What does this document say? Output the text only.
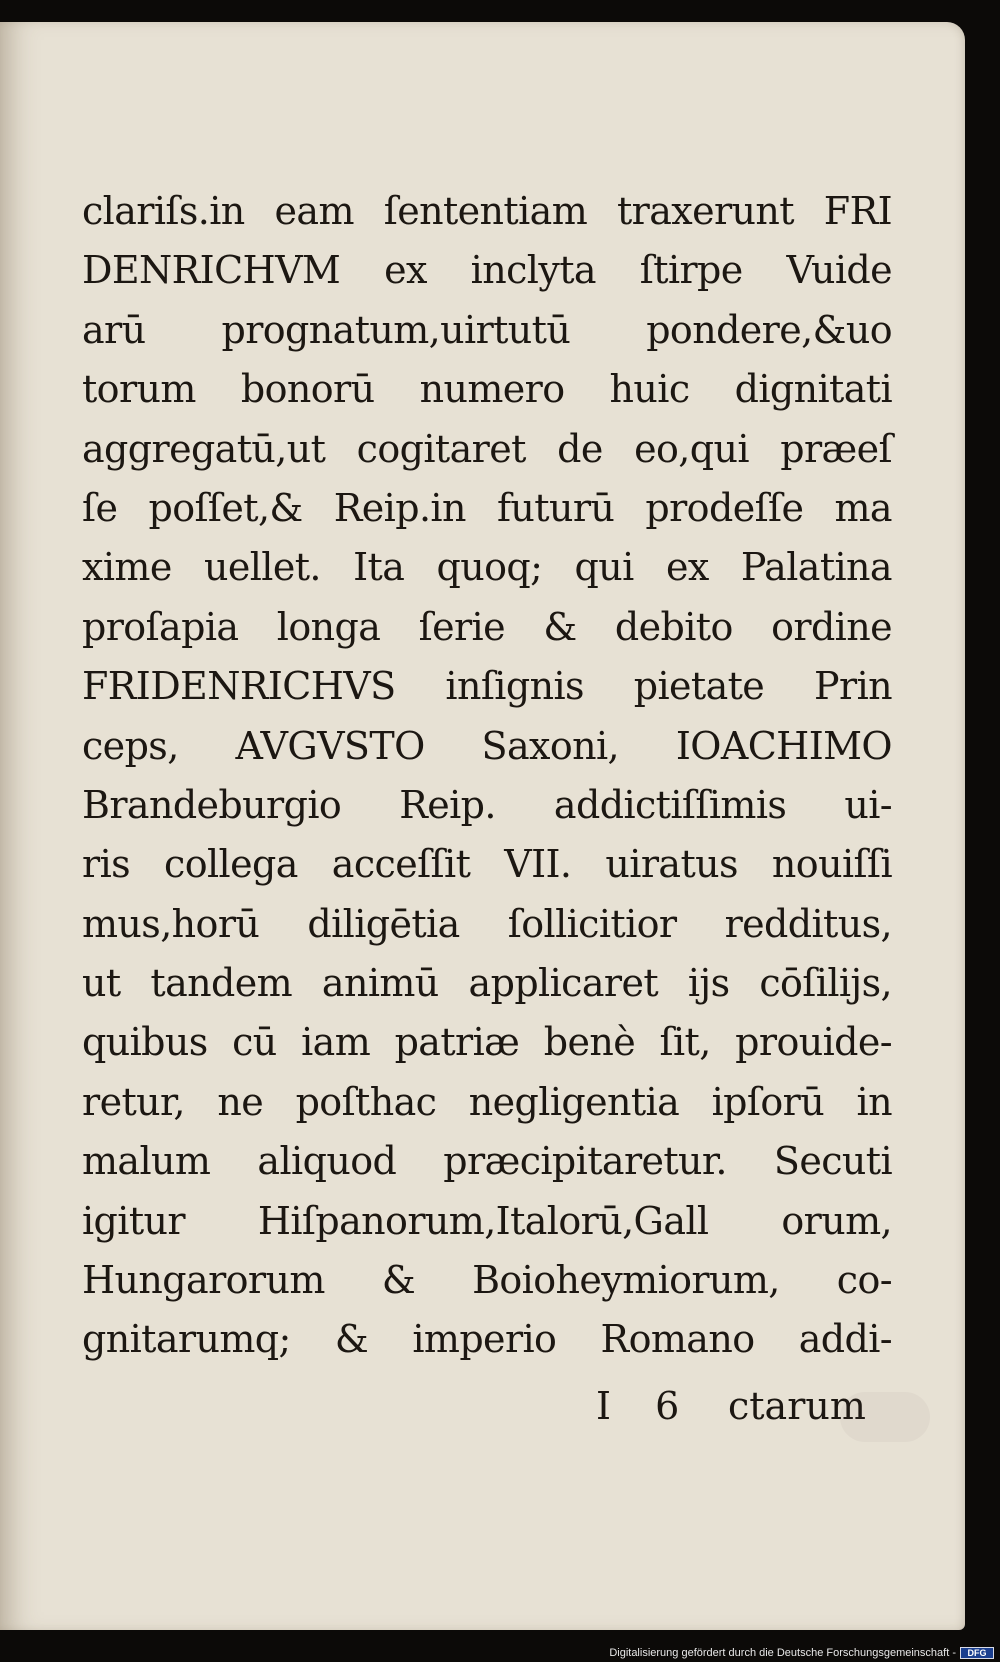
clariſs.in eam ſententiam traxerunt FRI
DENRICHVM ex inclyta ſtirpe Vuide
arū prognatum,uirtutū pondere,&uo
torum bonorū numero huic dignitati
aggregatū,ut cogitaret de eo,qui præeſ
ſe poſſet,& Reip.in futurū prodeſſe ma
xime uellet. Ita quoq; qui ex Palatina
proſapia longa ſerie & debito ordine
FRIDENRICHVS inſignis pietate Prin
ceps, AVGVSTO Saxoni, IOACHIMO
Brandeburgio Reip. addictiſſimis ui-
ris collega acceſſit VII. uiratus nouiſſi
mus,horū diligētia ſollicitior redditus,
ut tandem animū applicaret ijs cōſilijs,
quibus cū iam patriæ benè ſit, prouide-
retur, ne poſthac negligentia ipſorū in
malum aliquod præcipitaretur. Secuti
igitur Hiſpanorum,Italorū,Gall orum,
Hungarorum & Boioheymiorum, co-
gnitarumq; & imperio Romano addi-
I 6 ctarum
Digitalisierung gefördert durch die Deutsche Forschungsgemeinschaft -	DFG
